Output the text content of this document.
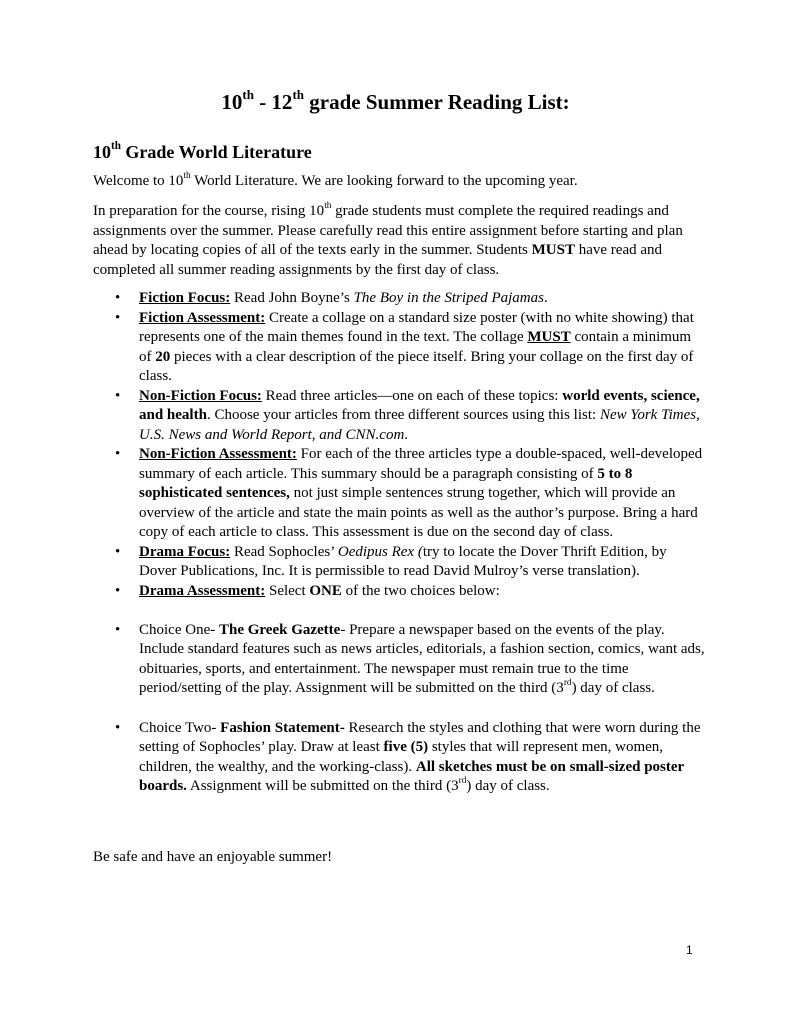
10th - 12th grade Summer Reading List:
10th Grade World Literature
Welcome to 10th World Literature. We are looking forward to the upcoming year.
In preparation for the course, rising 10th grade students must complete the required readings and assignments over the summer. Please carefully read this entire assignment before starting and plan ahead by locating copies of all of the texts early in the summer. Students MUST have read and completed all summer reading assignments by the first day of class.
• Fiction Focus: Read John Boyne’s The Boy in the Striped Pajamas.
• Fiction Assessment: Create a collage on a standard size poster (with no white showing) that represents one of the main themes found in the text. The collage MUST contain a minimum of 20 pieces with a clear description of the piece itself. Bring your collage on the first day of class.
• Non-Fiction Focus: Read three articles—one on each of these topics: world events, science, and health. Choose your articles from three different sources using this list: New York Times, U.S. News and World Report, and CNN.com.
• Non-Fiction Assessment: For each of the three articles type a double-spaced, well-developed summary of each article. This summary should be a paragraph consisting of 5 to 8 sophisticated sentences, not just simple sentences strung together, which will provide an overview of the article and state the main points as well as the author’s purpose. Bring a hard copy of each article to class. This assessment is due on the second day of class.
• Drama Focus: Read Sophocles’ Oedipus Rex (try to locate the Dover Thrift Edition, by Dover Publications, Inc. It is permissible to read David Mulroy’s verse translation).
• Drama Assessment: Select ONE of the two choices below:
• Choice One- The Greek Gazette- Prepare a newspaper based on the events of the play. Include standard features such as news articles, editorials, a fashion section, comics, want ads, obituaries, sports, and entertainment. The newspaper must remain true to the time period/setting of the play. Assignment will be submitted on the third (3rd) day of class.
• Choice Two- Fashion Statement- Research the styles and clothing that were worn during the setting of Sophocles’ play. Draw at least five (5) styles that will represent men, women, children, the wealthy, and the working-class). All sketches must be on small-sized poster boards. Assignment will be submitted on the third (3rd) day of class.
Be safe and have an enjoyable summer!
1
